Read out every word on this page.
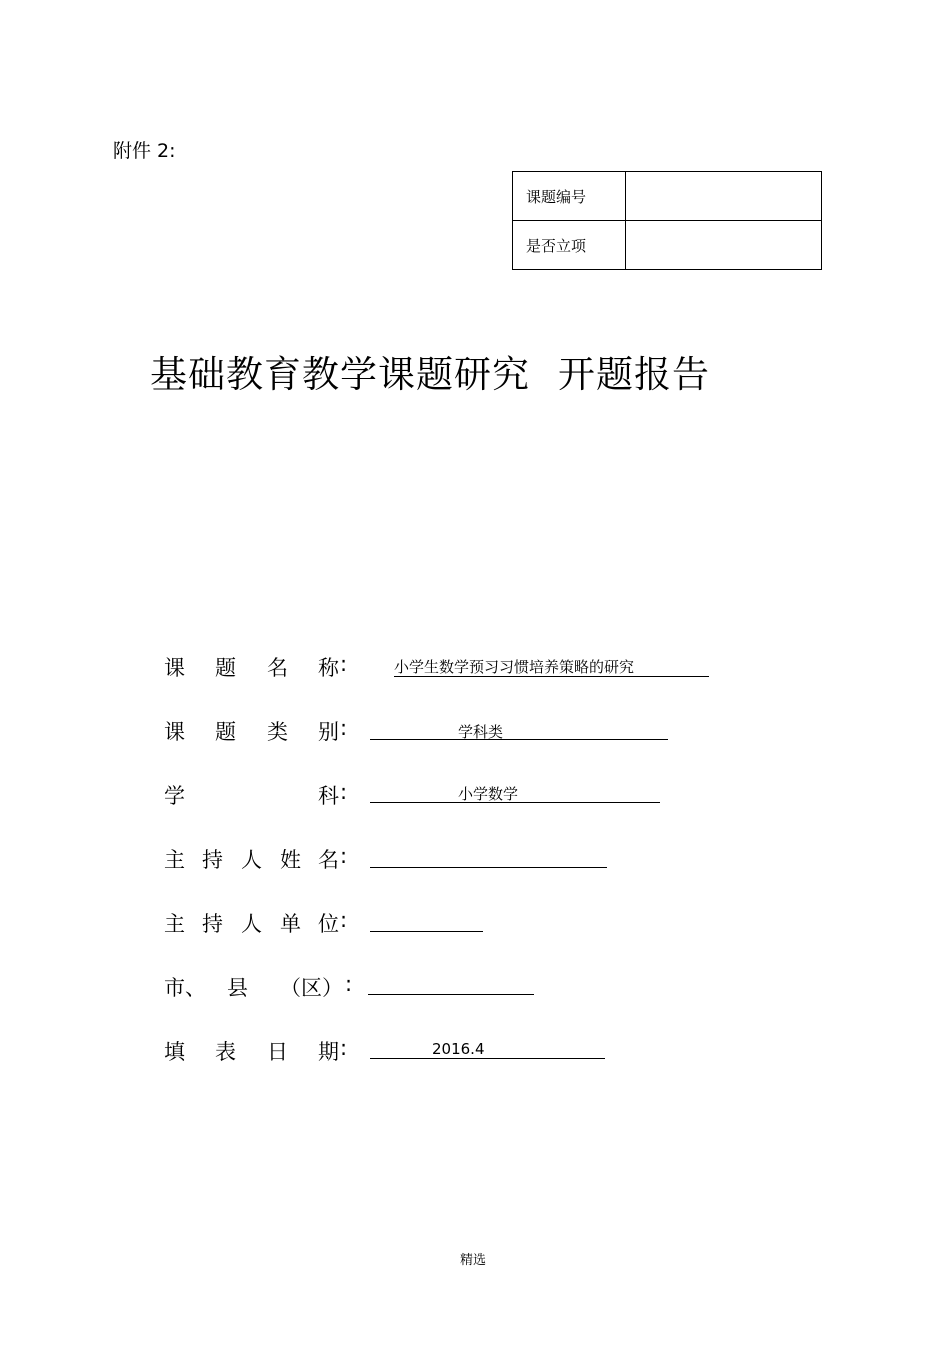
附件 2:
课题编号	
是否立项	
基础教育教学课题研究 开题报告
课 题 名 称 :	小学生数学预习习惯培养策略的研究
课 题 类 别 :	学科类
学	科 :	小学数学
主 持 人 姓 名 :
主 持 人 单 位 :
市、 县 （区） :
填 表 日 期 :	2016.4
精选
